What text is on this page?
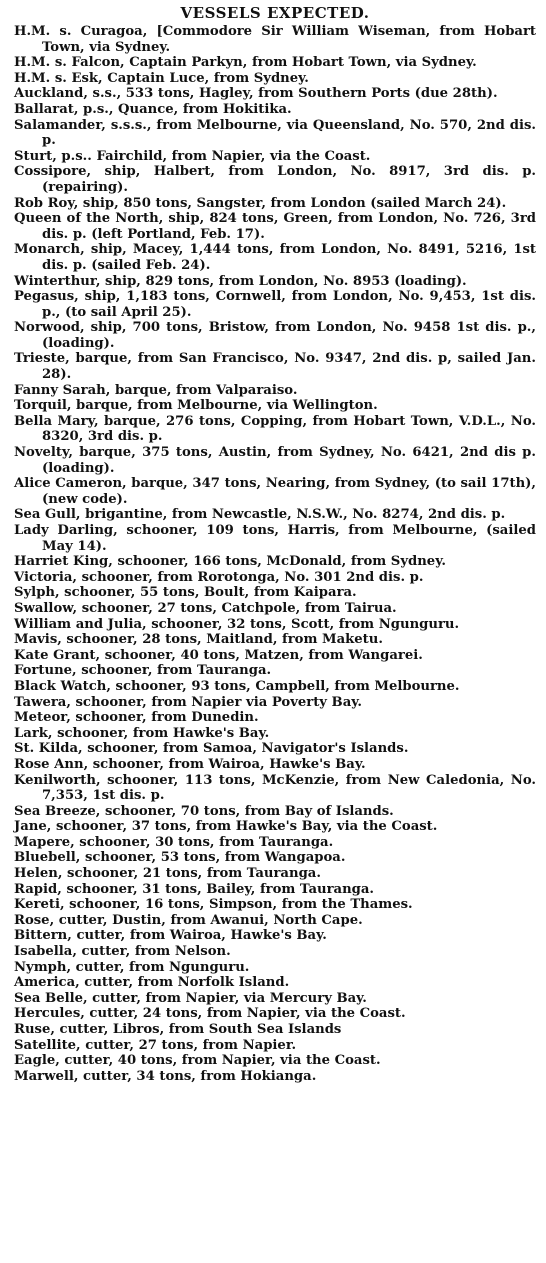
VESSELS EXPECTED.
H.M. s. Curagoa, [Commodore Sir William Wiseman, from Hobart Town, via Sydney.
H.M. s. Falcon, Captain Parkyn, from Hobart Town, via Sydney.
H.M. s. Esk, Captain Luce, from Sydney.
Auckland, s.s., 533 tons, Hagley, from Southern Ports (due 28th).
Ballarat, p.s., Quance, from Hokitika.
Salamander, s.s.s., from Melbourne, via Queensland, No. 570, 2nd dis. p.
Sturt, p.s.. Fairchild, from Napier, via the Coast.
Cossipore, ship, Halbert, from London, No. 8917, 3rd dis. p. (repairing).
Rob Roy, ship, 850 tons, Sangster, from London (sailed March 24).
Queen of the North, ship, 824 tons, Green, from London, No. 726, 3rd dis. p. (left Portland, Feb. 17).
Monarch, ship, Macey, 1,444 tons, from London, No. 8491, 5216, 1st dis. p. (sailed Feb. 24).
Winterthur, ship, 829 tons, from London, No. 8953 (loading).
Pegasus, ship, 1,183 tons, Cornwell, from London, No. 9,453, 1st dis. p., (to sail April 25).
Norwood, ship, 700 tons, Bristow, from London, No. 9458 1st dis. p., (loading).
Trieste, barque, from San Francisco, No. 9347, 2nd dis. p, sailed Jan. 28).
Fanny Sarah, barque, from Valparaiso.
Torquil, barque, from Melbourne, via Wellington.
Bella Mary, barque, 276 tons, Copping, from Hobart Town, V.D.L., No. 8320, 3rd dis. p.
Novelty, barque, 375 tons, Austin, from Sydney, No. 6421, 2nd dis p. (loading).
Alice Cameron, barque, 347 tons, Nearing, from Sydney, (to sail 17th), (new code).
Sea Gull, brigantine, from Newcastle, N.S.W., No. 8274, 2nd dis. p.
Lady Darling, schooner, 109 tons, Harris, from Melbourne, (sailed May 14).
Harriet King, schooner, 166 tons, McDonald, from Sydney.
Victoria, schooner, from Rorotonga, No. 301 2nd dis. p.
Sylph, schooner, 55 tons, Boult, from Kaipara.
Swallow, schooner, 27 tons, Catchpole, from Tairua.
William and Julia, schooner, 32 tons, Scott, from Ngunguru.
Mavis, schooner, 28 tons, Maitland, from Maketu.
Kate Grant, schooner, 40 tons, Matzen, from Wangarei.
Fortune, schooner, from Tauranga.
Black Watch, schooner, 93 tons, Campbell, from Melbourne.
Tawera, schooner, from Napier via Poverty Bay.
Meteor, schooner, from Dunedin.
Lark, schooner, from Hawke's Bay.
St. Kilda, schooner, from Samoa, Navigator's Islands.
Rose Ann, schooner, from Wairoa, Hawke's Bay.
Kenilworth, schooner, 113 tons, McKenzie, from New Caledonia, No. 7,353, 1st dis. p.
Sea Breeze, schooner, 70 tons, from Bay of Islands.
Jane, schooner, 37 tons, from Hawke's Bay, via the Coast.
Mapere, schooner, 30 tons, from Tauranga.
Bluebell, schooner, 53 tons, from Wangapoa.
Helen, schooner, 21 tons, from Tauranga.
Rapid, schooner, 31 tons, Bailey, from Tauranga.
Kereti, schooner, 16 tons, Simpson, from the Thames.
Rose, cutter, Dustin, from Awanui, North Cape.
Bittern, cutter, from Wairoa, Hawke's Bay.
Isabella, cutter, from Nelson.
Nymph, cutter, from Ngunguru.
America, cutter, from Norfolk Island.
Sea Belle, cutter, from Napier, via Mercury Bay.
Hercules, cutter, 24 tons, from Napier, via the Coast.
Ruse, cutter, Libros, from South Sea Islands
Satellite, cutter, 27 tons, from Napier.
Eagle, cutter, 40 tons, from Napier, via the Coast.
Marwell, cutter, 34 tons, from Hokianga.
